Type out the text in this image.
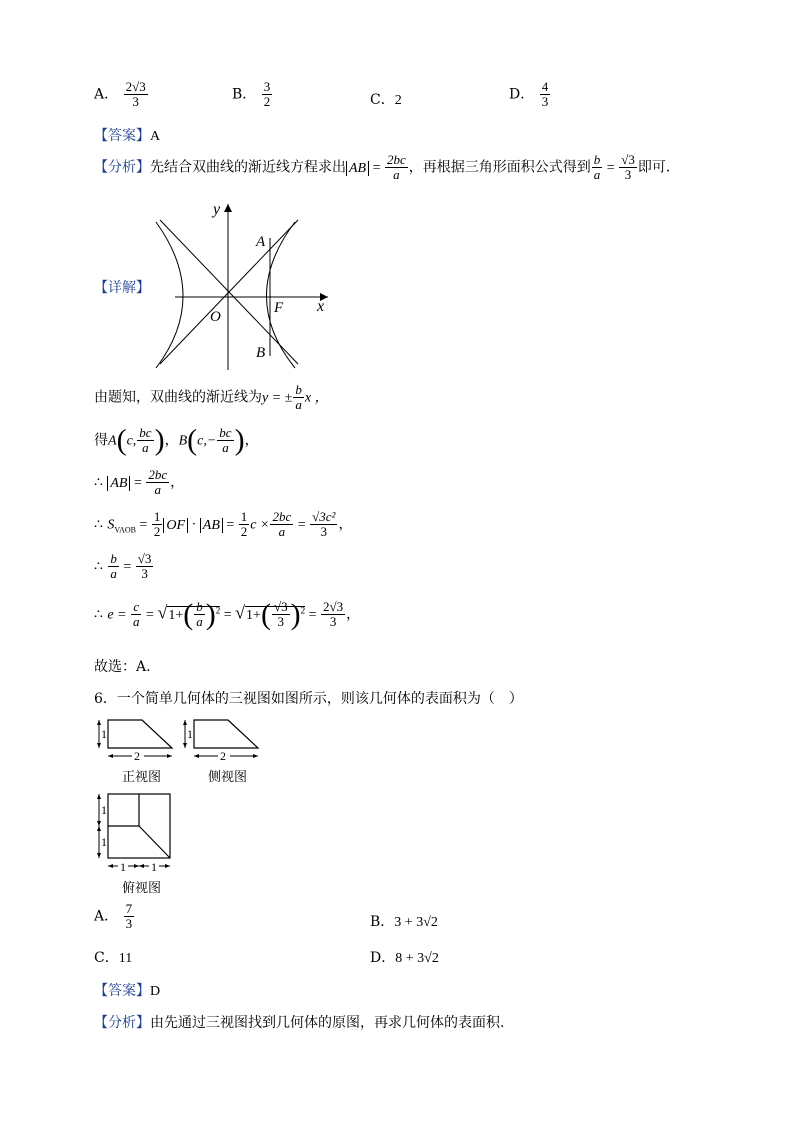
A． $\frac{2√3}{3}$	B． $\frac{3}{2}$	C．2	D． $\frac{4}{3}$
【答案】A
【分析】先结合双曲线的渐近线方程求出 AB = $\frac{2bc}{a}$ ，再根据三角形面积公式得到 $\frac{b}{a} = \frac{√3}{3}$ 即可.
【详解】
y
x
A
F
O
B
由题知，双曲线的渐近线为y = ± $\frac{b}{a}$ x ，
得A(c, $\frac{bc}{a}$ )，$B(c,- \frac{bc}{a}$ )，
∴ AB = $\frac{2bc}{a}$ ，
∴ $S_{VAOB} = \frac{1}{2}$ OF · AB = $\frac{1}{2}$ $c \times \frac{2bc}{a} = \frac{\text{√3c²}}{3}$ ，
∴ $\frac{b}{a} = \frac{√3}{3}$
∴ $e = \frac{c}{a} = √1+( \frac{b}{a} )^2 = √1+( \frac{√3}{3} )^2 = \frac{2√3}{3}$ ，
故选：A.
6．一个简单几何体的三视图如图所示，则该几何体的表面积为（　）
1
2
正视图
1
2
侧视图
1
1
1 1
俯视图
A． $\frac{7}{3}$	B．3 + 3√2
C．11	D．8 + 3√2
【答案】D
【分析】由先通过三视图找到几何体的原图，再求几何体的表面积.
